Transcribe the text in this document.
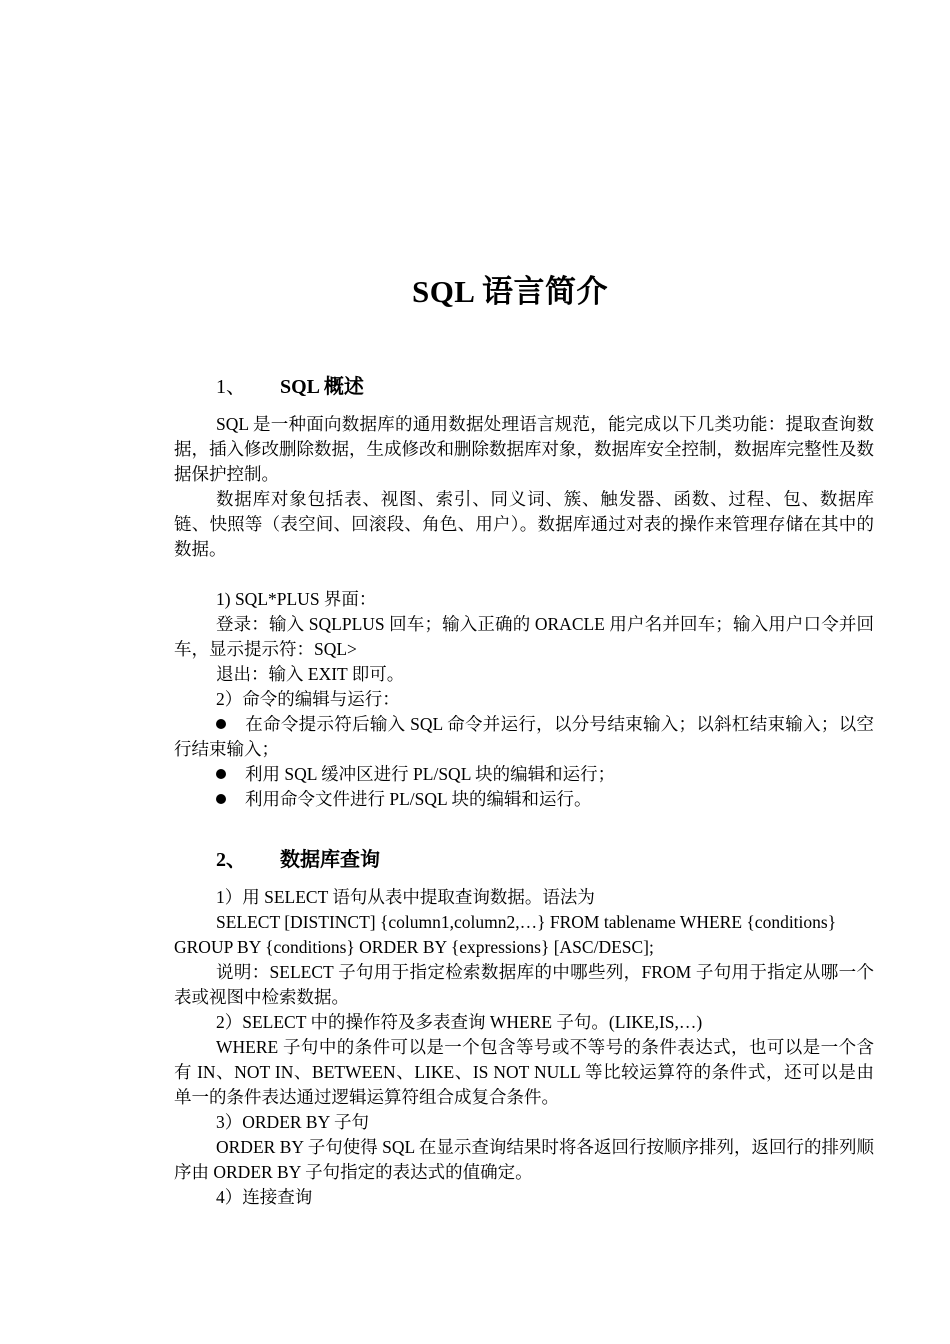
SQL 语言简介
1、 SQL 概述

SQL 是一种面向数据库的通用数据处理语言规范，能完成以下几类功能：提取查询数据，插入修改删除数据，生成修改和删除数据库对象，数据库安全控制，数据库完整性及数据保护控制。

数据库对象包括表、视图、索引、同义词、簇、触发器、函数、过程、包、数据库链、快照等（表空间、回滚段、角色、用户）。数据库通过对表的操作来管理存储在其中的数据。

1) SQL*PLUS 界面：

登录：输入 SQLPLUS 回车；输入正确的 ORACLE 用户名并回车；输入用户口令并回车，显示提示符：SQL>

退出：输入 EXIT 即可。

2）命令的编辑与运行：

在命令提示符后输入 SQL 命令并运行，以分号结束输入；以斜杠结束输入；以空行结束输入；

利用 SQL 缓冲区进行 PL/SQL 块的编辑和运行；

利用命令文件进行 PL/SQL 块的编辑和运行。

2、 数据库查询

1）用 SELECT 语句从表中提取查询数据。语法为

SELECT [DISTINCT] {column1,column2,…} FROM tablename WHERE {conditions} GROUP BY {conditions} ORDER BY {expressions} [ASC/DESC];

说明：SELECT 子句用于指定检索数据库的中哪些列，FROM 子句用于指定从哪一个表或视图中检索数据。

2）SELECT 中的操作符及多表查询 WHERE 子句。(LIKE,IS,…)

WHERE 子句中的条件可以是一个包含等号或不等号的条件表达式，也可以是一个含有 IN、NOT IN、BETWEEN、LIKE、IS NOT NULL 等比较运算符的条件式，还可以是由单一的条件表达通过逻辑运算符组合成复合条件。

3）ORDER BY 子句

ORDER BY 子句使得 SQL 在显示查询结果时将各返回行按顺序排列，返回行的排列顺序由 ORDER BY 子句指定的表达式的值确定。

4）连接查询
